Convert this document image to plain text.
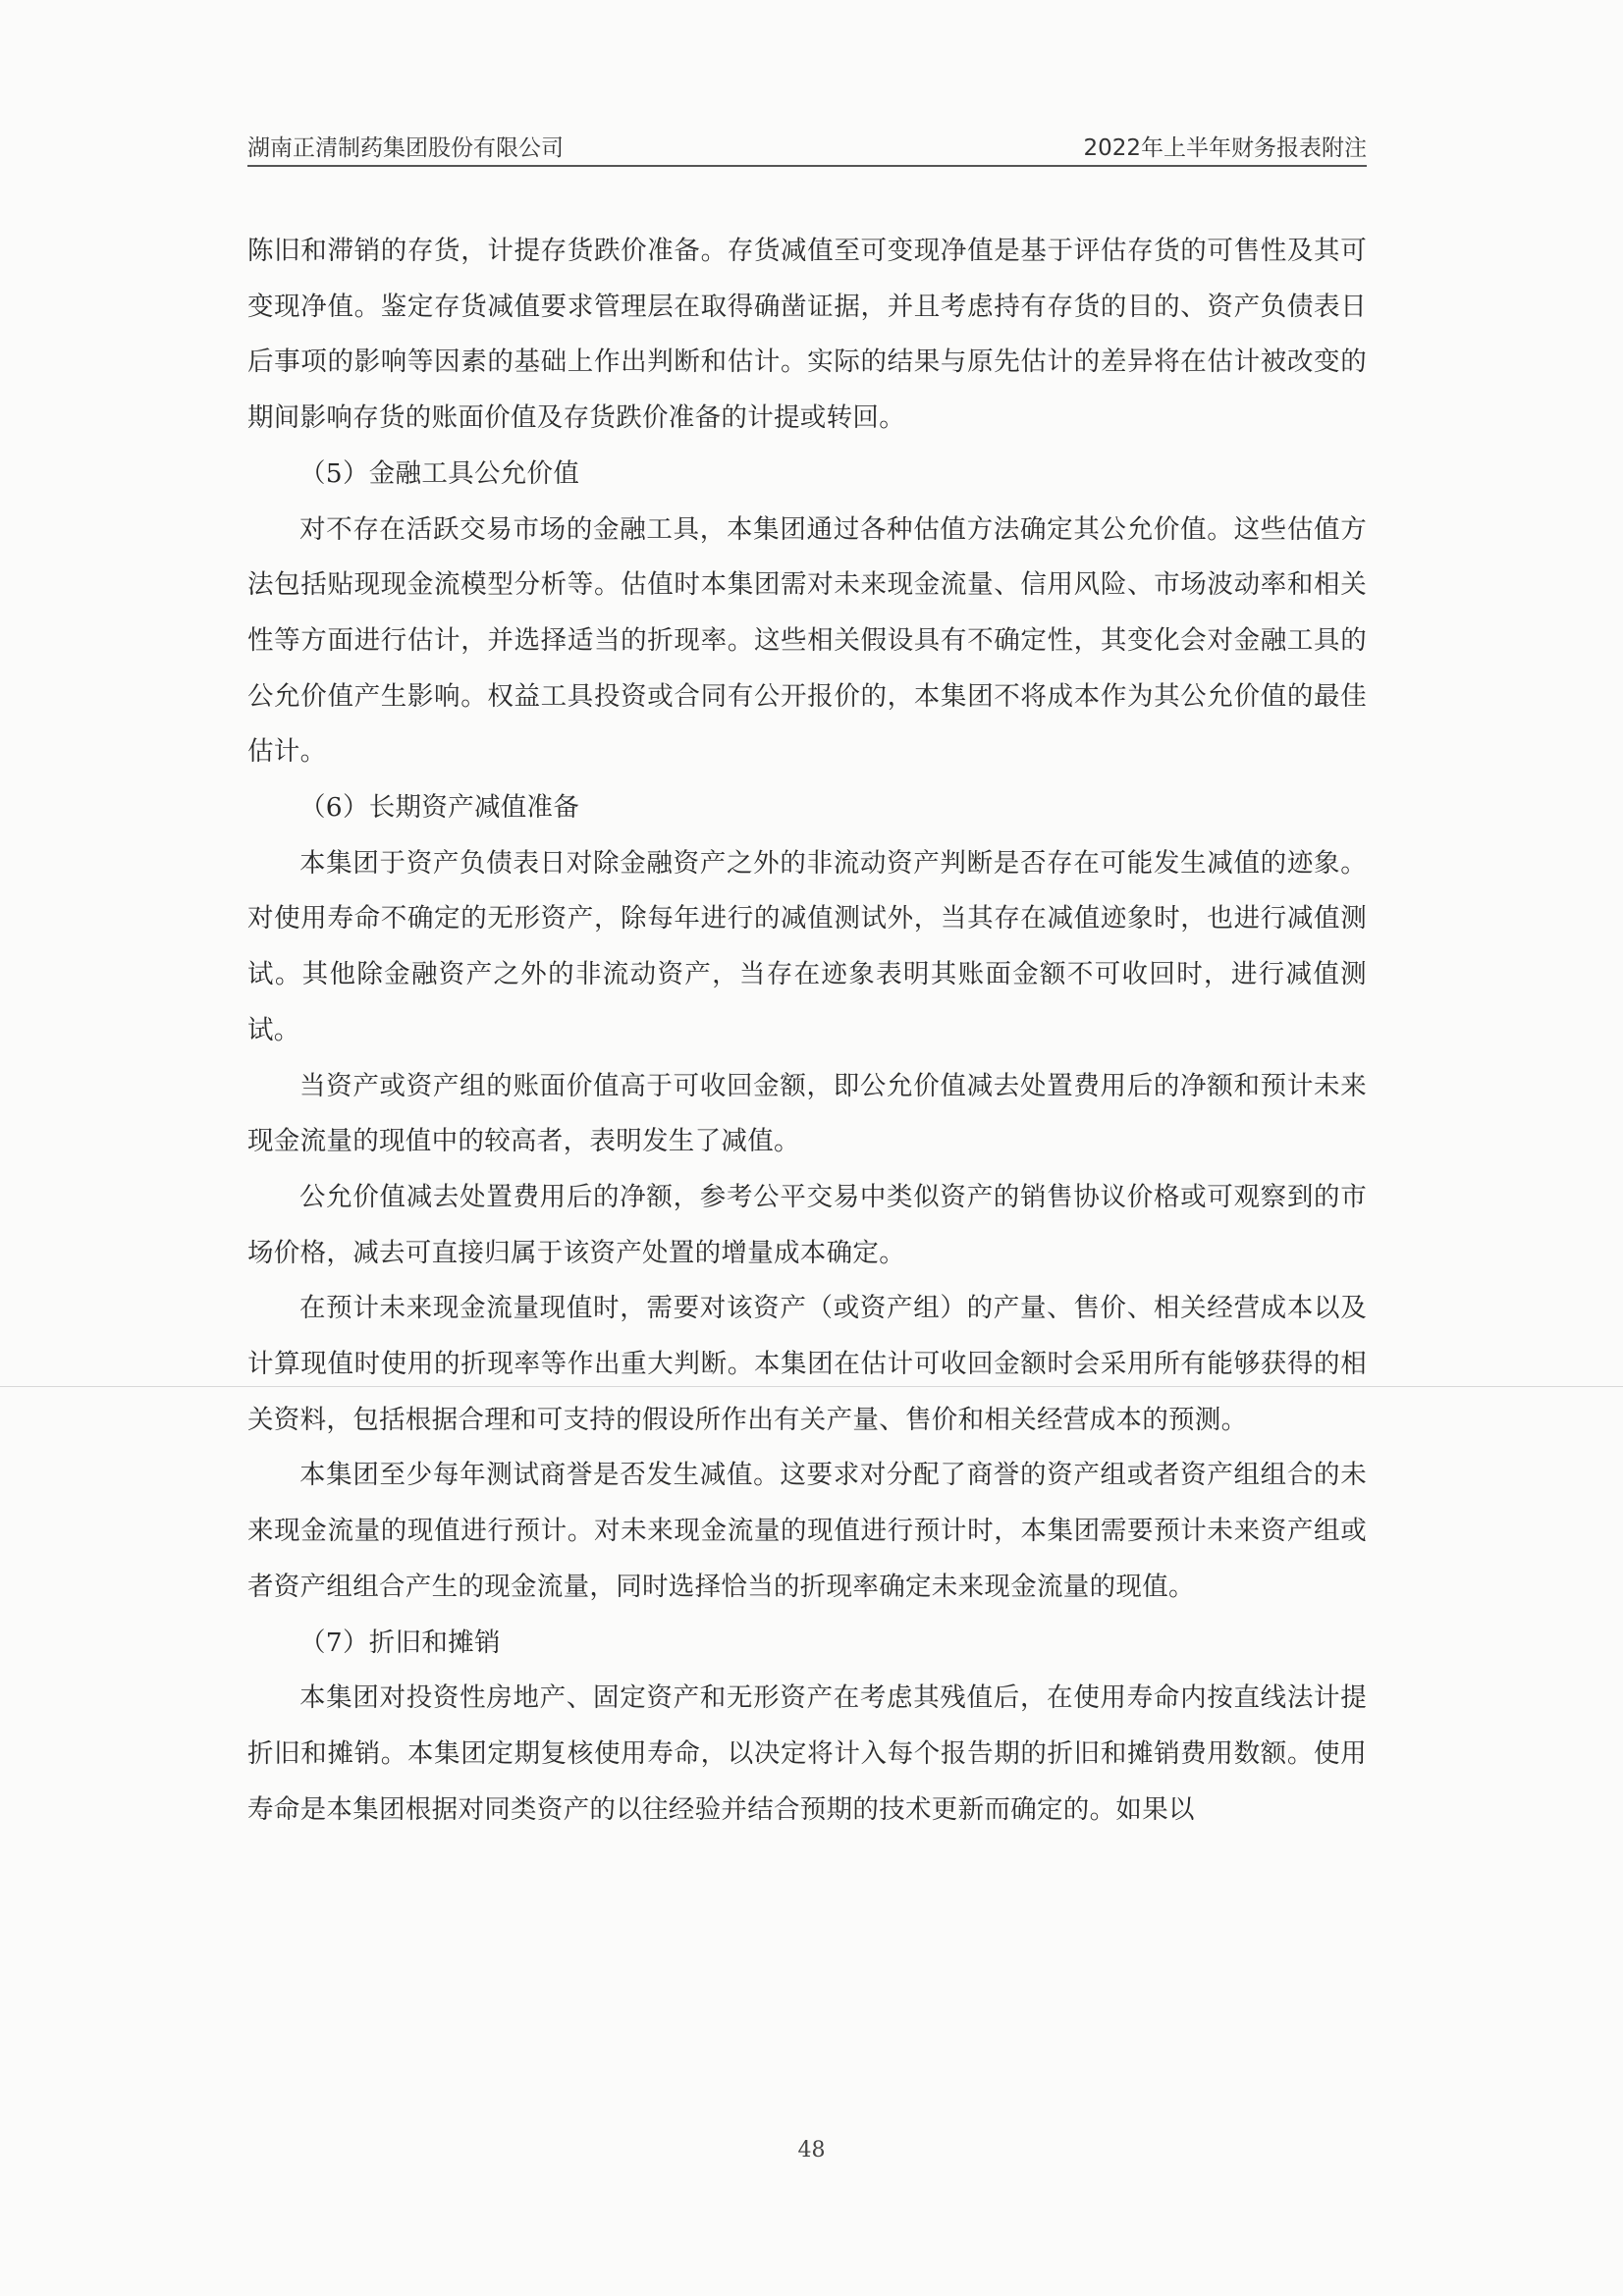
湖南正清制药集团股份有限公司	2022年上半年财务报表附注

陈旧和滞销的存货，计提存货跌价准备。存货减值至可变现净值是基于评估存货的可售性及其可变现净值。鉴定存货减值要求管理层在取得确凿证据，并且考虑持有存货的目的、资产负债表日后事项的影响等因素的基础上作出判断和估计。实际的结果与原先估计的差异将在估计被改变的期间影响存货的账面价值及存货跌价准备的计提或转回。

（5）金融工具公允价值

对不存在活跃交易市场的金融工具，本集团通过各种估值方法确定其公允价值。这些估值方法包括贴现现金流模型分析等。估值时本集团需对未来现金流量、信用风险、市场波动率和相关性等方面进行估计，并选择适当的折现率。这些相关假设具有不确定性，其变化会对金融工具的公允价值产生影响。权益工具投资或合同有公开报价的，本集团不将成本作为其公允价值的最佳估计。

（6）长期资产减值准备

本集团于资产负债表日对除金融资产之外的非流动资产判断是否存在可能发生减值的迹象。对使用寿命不确定的无形资产，除每年进行的减值测试外，当其存在减值迹象时，也进行减值测试。其他除金融资产之外的非流动资产，当存在迹象表明其账面金额不可收回时，进行减值测试。

当资产或资产组的账面价值高于可收回金额，即公允价值减去处置费用后的净额和预计未来现金流量的现值中的较高者，表明发生了减值。

公允价值减去处置费用后的净额，参考公平交易中类似资产的销售协议价格或可观察到的市场价格，减去可直接归属于该资产处置的增量成本确定。

在预计未来现金流量现值时，需要对该资产（或资产组）的产量、售价、相关经营成本以及计算现值时使用的折现率等作出重大判断。本集团在估计可收回金额时会采用所有能够获得的相关资料，包括根据合理和可支持的假设所作出有关产量、售价和相关经营成本的预测。

本集团至少每年测试商誉是否发生减值。这要求对分配了商誉的资产组或者资产组组合的未来现金流量的现值进行预计。对未来现金流量的现值进行预计时，本集团需要预计未来资产组或者资产组组合产生的现金流量，同时选择恰当的折现率确定未来现金流量的现值。

（7）折旧和摊销

本集团对投资性房地产、固定资产和无形资产在考虑其残值后，在使用寿命内按直线法计提折旧和摊销。本集团定期复核使用寿命，以决定将计入每个报告期的折旧和摊销费用数额。使用寿命是本集团根据对同类资产的以往经验并结合预期的技术更新而确定的。如果以

48
